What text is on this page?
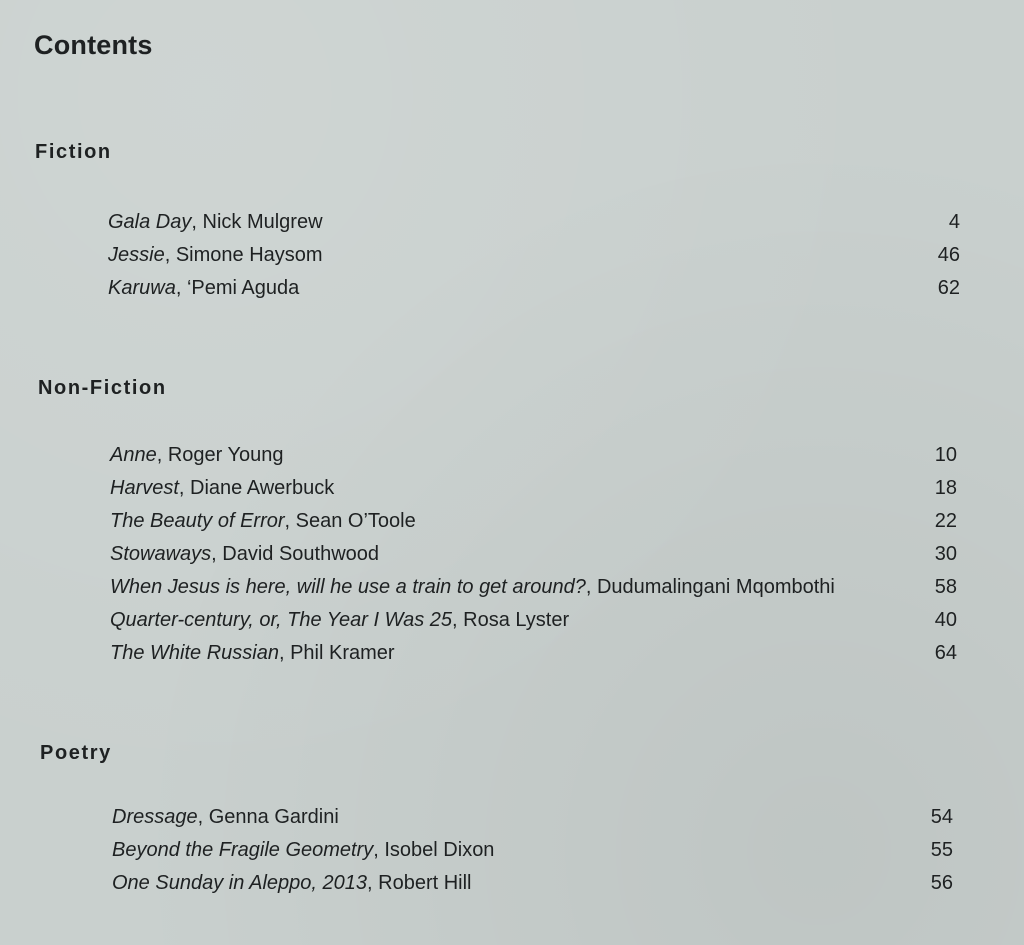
Contents
Fiction
Gala Day, Nick Mulgrew	4
Jessie, Simone Haysom	46
Karuwa, ‘Pemi Aguda	62
Non-Fiction
Anne, Roger Young	10
Harvest, Diane Awerbuck	18
The Beauty of Error, Sean O’Toole	22
Stowaways, David Southwood	30
When Jesus is here, will he use a train to get around?, Dudumalingani Mqombothi	58
Quarter-century, or, The Year I Was 25, Rosa Lyster	40
The White Russian, Phil Kramer	64
Poetry
Dressage, Genna Gardini	54
Beyond the Fragile Geometry, Isobel Dixon	55
One Sunday in Aleppo, 2013, Robert Hill	56
